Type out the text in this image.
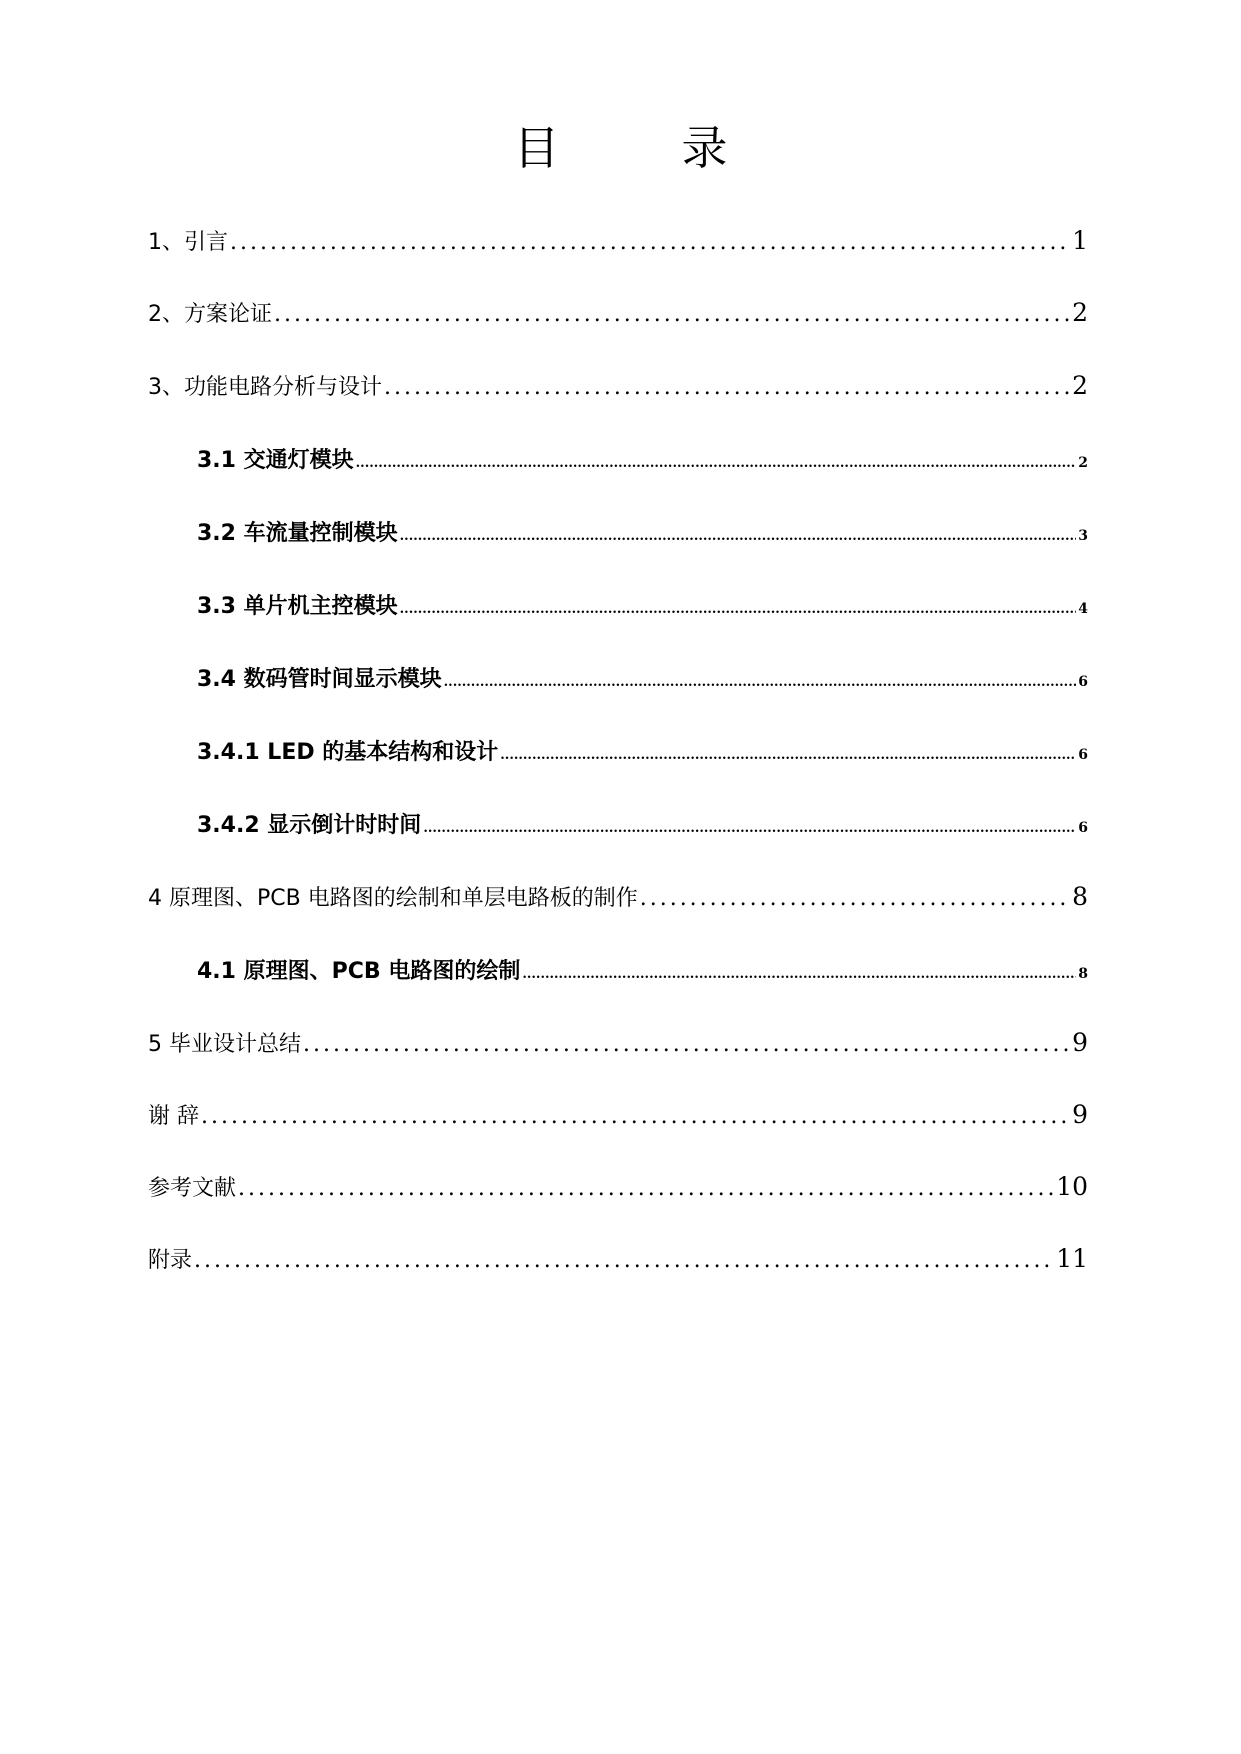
目　录
1、引言 .....	1
2、方案论证 .....	2
3、功能电路分析与设计 .....	2
3.1 交通灯模块 .....	2
3.2 车流量控制模块 .....	3
3.3 单片机主控模块 .....	4
3.4 数码管时间显示模块 .....	6
3.4.1 LED 的基本结构和设计 .....	6
3.4.2 显示倒计时时间 .....	6
4 原理图、PCB 电路图的绘制和单层电路板的制作 .....	8
4.1 原理图、PCB 电路图的绘制 .....	8
5 毕业设计总结 .....	9
谢 辞 .....	9
参考文献 .....	10
附录 .....	11
